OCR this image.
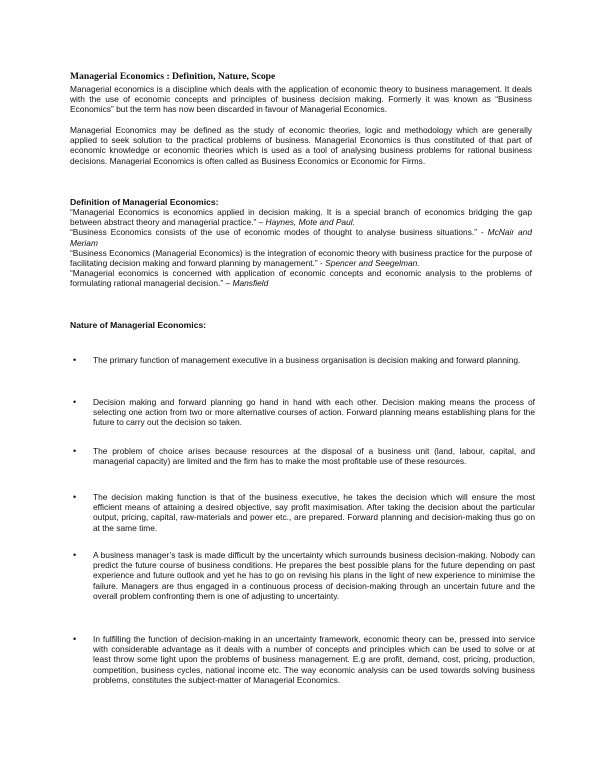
Managerial Economics : Definition, Nature, Scope

Managerial economics is a discipline which deals with the application of economic theory to business management. It deals with the use of economic concepts and principles of business decision making. Formerly it was known as “Business Economics” but the term has now been discarded in favour of Managerial Economics.

Managerial Economics may be defined as the study of economic theories, logic and methodology which are generally applied to seek solution to the practical problems of business. Managerial Economics is thus constituted of that part of economic knowledge or economic theories which is used as a tool of analysing business problems for rational business decisions. Managerial Economics is often called as Business Economics or Economic for Firms.

Definition of Managerial Economics:

“Managerial Economics is economics applied in decision making. It is a special branch of economics bridging the gap between abstract theory and managerial practice.” – Haynes, Mote and Paul.

“Business Economics consists of the use of economic modes of thought to analyse business situations.” - McNair and Meriam

“Business Economics (Managerial Economics) is the integration of economic theory with business practice for the purpose of facilitating decision making and forward planning by management.” - Spencer and Seegelman.

“Managerial economics is concerned with application of economic concepts and economic analysis to the problems of formulating rational managerial decision.” – Mansfield

Nature of Managerial Economics:
• The primary function of management executive in a business organisation is decision making and forward planning.

• Decision making and forward planning go hand in hand with each other. Decision making means the process of selecting one action from two or more alternative courses of action. Forward planning means establishing plans for the future to carry out the decision so taken.

• The problem of choice arises because resources at the disposal of a business unit (land, labour, capital, and managerial capacity) are limited and the firm has to make the most profitable use of these resources.

• The decision making function is that of the business executive, he takes the decision which will ensure the most efficient means of attaining a desired objective, say profit maximisation. After taking the decision about the particular output, pricing, capital, raw-materials and power etc., are prepared. Forward planning and decision-making thus go on at the same time.

• A business manager’s task is made difficult by the uncertainty which surrounds business decision-making. Nobody can predict the future course of business conditions. He prepares the best possible plans for the future depending on past experience and future outlook and yet he has to go on revising his plans in the light of new experience to minimise the failure. Managers are thus engaged in a continuous process of decision-making through an uncertain future and the overall problem confronting them is one of adjusting to uncertainty.

• In fulfilling the function of decision-making in an uncertainty framework, economic theory can be, pressed into service with considerable advantage as it deals with a number of concepts and principles which can be used to solve or at least throw some light upon the problems of business management. E.g are profit, demand, cost, pricing, production, competition, business cycles, national income etc. The way economic analysis can be used towards solving business problems, constitutes the subject-matter of Managerial Economics.
